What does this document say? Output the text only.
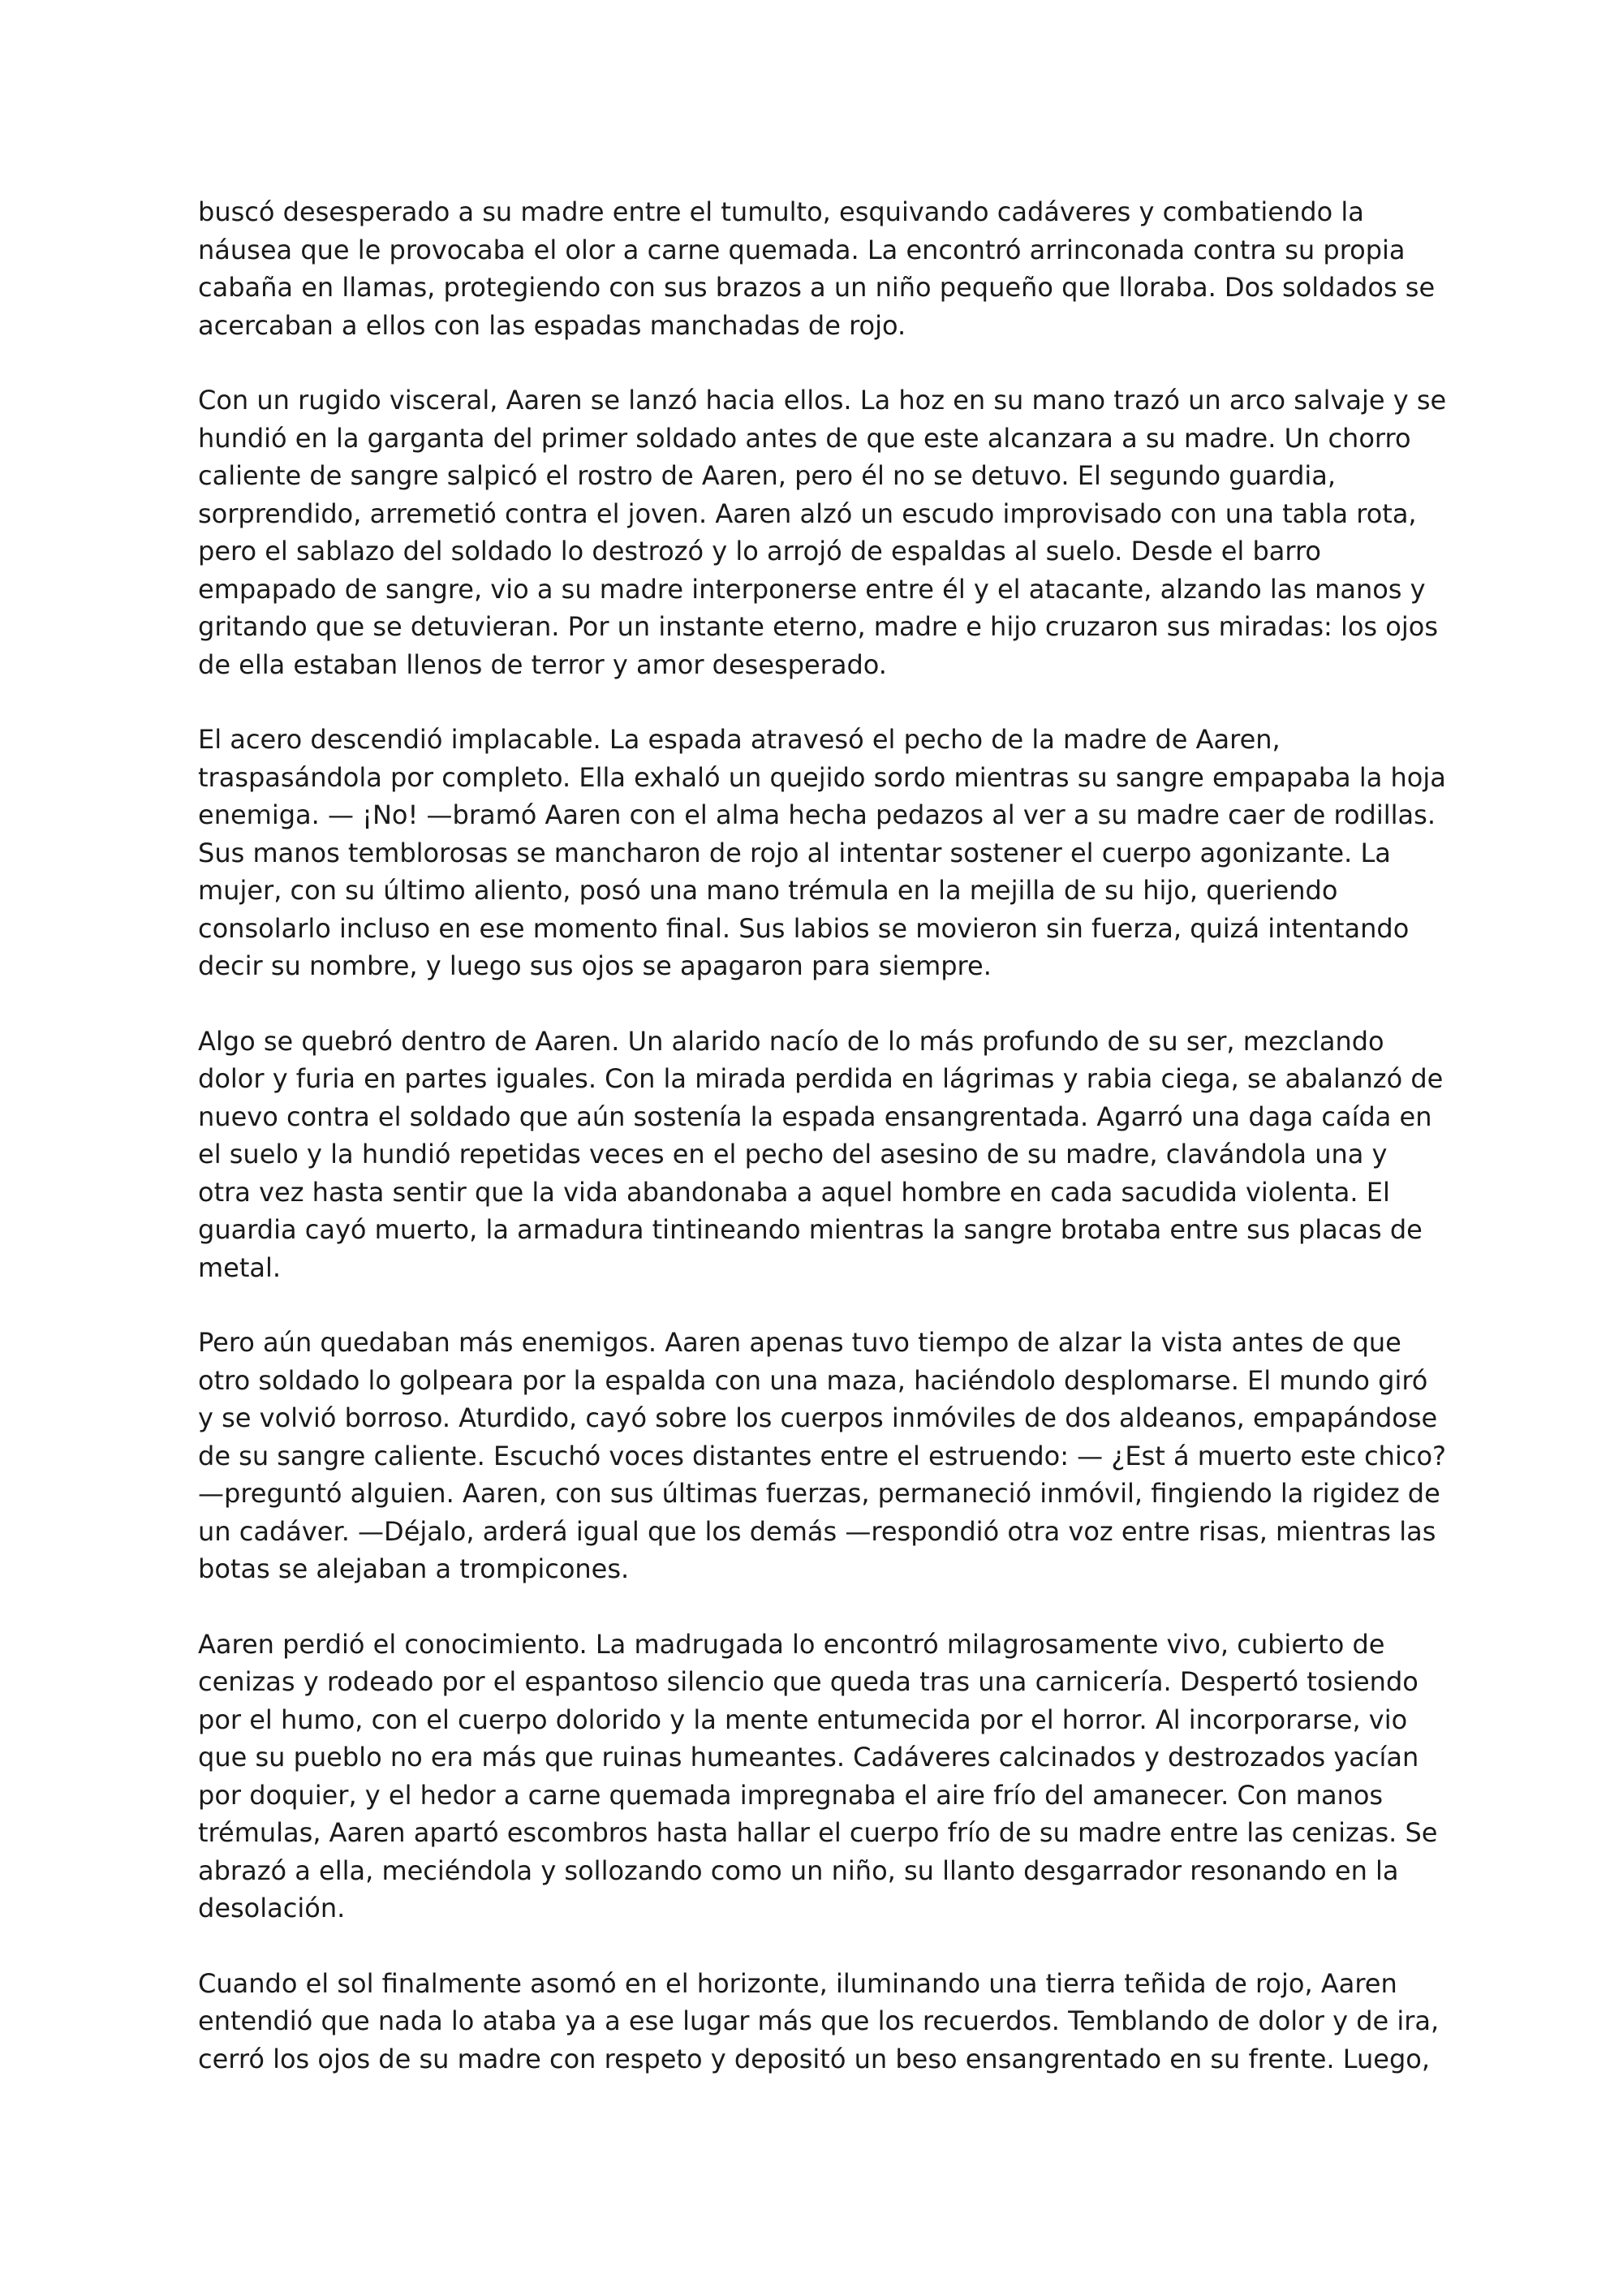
buscó desesperado a su madre entre el tumulto, esquivando cadáveres y combatiendo la náusea que le provocaba el olor a carne quemada. La encontró arrinconada contra su propia cabaña en llamas, protegiendo con sus brazos a un niño pequeño que lloraba. Dos soldados se acercaban a ellos con las espadas manchadas de rojo.

Con un rugido visceral, Aaren se lanzó hacia ellos. La hoz en su mano trazó un arco salvaje y se hundió en la garganta del primer soldado antes de que este alcanzara a su madre. Un chorro caliente de sangre salpicó el rostro de Aaren, pero él no se detuvo. El segundo guardia, sorprendido, arremetió contra el joven. Aaren alzó un escudo improvisado con una tabla rota, pero el sablazo del soldado lo destrozó y lo arrojó de espaldas al suelo. Desde el barro empapado de sangre, vio a su madre interponerse entre él y el atacante, alzando las manos y gritando que se detuvieran. Por un instante eterno, madre e hijo cruzaron sus miradas: los ojos de ella estaban llenos de terror y amor desesperado.

El acero descendió implacable. La espada atravesó el pecho de la madre de Aaren, traspasándola por completo. Ella exhaló un quejido sordo mientras su sangre empapaba la hoja enemiga. — ¡No! —bramó Aaren con el alma hecha pedazos al ver a su madre caer de rodillas. Sus manos temblorosas se mancharon de rojo al intentar sostener el cuerpo agonizante. La mujer, con su último aliento, posó una mano trémula en la mejilla de su hijo, queriendo consolarlo incluso en ese momento final. Sus labios se movieron sin fuerza, quizá intentando decir su nombre, y luego sus ojos se apagaron para siempre.

Algo se quebró dentro de Aaren. Un alarido nacío de lo más profundo de su ser, mezclando dolor y furia en partes iguales. Con la mirada perdida en lágrimas y rabia ciega, se abalanzó de nuevo contra el soldado que aún sostenía la espada ensangrentada. Agarró una daga caída en el suelo y la hundió repetidas veces en el pecho del asesino de su madre, clavándola una y otra vez hasta sentir que la vida abandonaba a aquel hombre en cada sacudida violenta. El guardia cayó muerto, la armadura tintineando mientras la sangre brotaba entre sus placas de metal.

Pero aún quedaban más enemigos. Aaren apenas tuvo tiempo de alzar la vista antes de que otro soldado lo golpeara por la espalda con una maza, haciéndolo desplomarse. El mundo giró y se volvió borroso. Aturdido, cayó sobre los cuerpos inmóviles de dos aldeanos, empapándose de su sangre caliente. Escuchó voces distantes entre el estruendo: — ¿Est á muerto este chico? —preguntó alguien. Aaren, con sus últimas fuerzas, permaneció inmóvil, fingiendo la rigidez de un cadáver. —Déjalo, arderá igual que los demás —respondió otra voz entre risas, mientras las botas se alejaban a trompicones.

Aaren perdió el conocimiento. La madrugada lo encontró milagrosamente vivo, cubierto de cenizas y rodeado por el espantoso silencio que queda tras una carnicería. Despertó tosiendo por el humo, con el cuerpo dolorido y la mente entumecida por el horror. Al incorporarse, vio que su pueblo no era más que ruinas humeantes. Cadáveres calcinados y destrozados yacían por doquier, y el hedor a carne quemada impregnaba el aire frío del amanecer. Con manos trémulas, Aaren apartó escombros hasta hallar el cuerpo frío de su madre entre las cenizas. Se abrazó a ella, meciéndola y sollozando como un niño, su llanto desgarrador resonando en la desolación.

Cuando el sol finalmente asomó en el horizonte, iluminando una tierra teñida de rojo, Aaren entendió que nada lo ataba ya a ese lugar más que los recuerdos. Temblando de dolor y de ira, cerró los ojos de su madre con respeto y depositó un beso ensangrentado en su frente. Luego,
